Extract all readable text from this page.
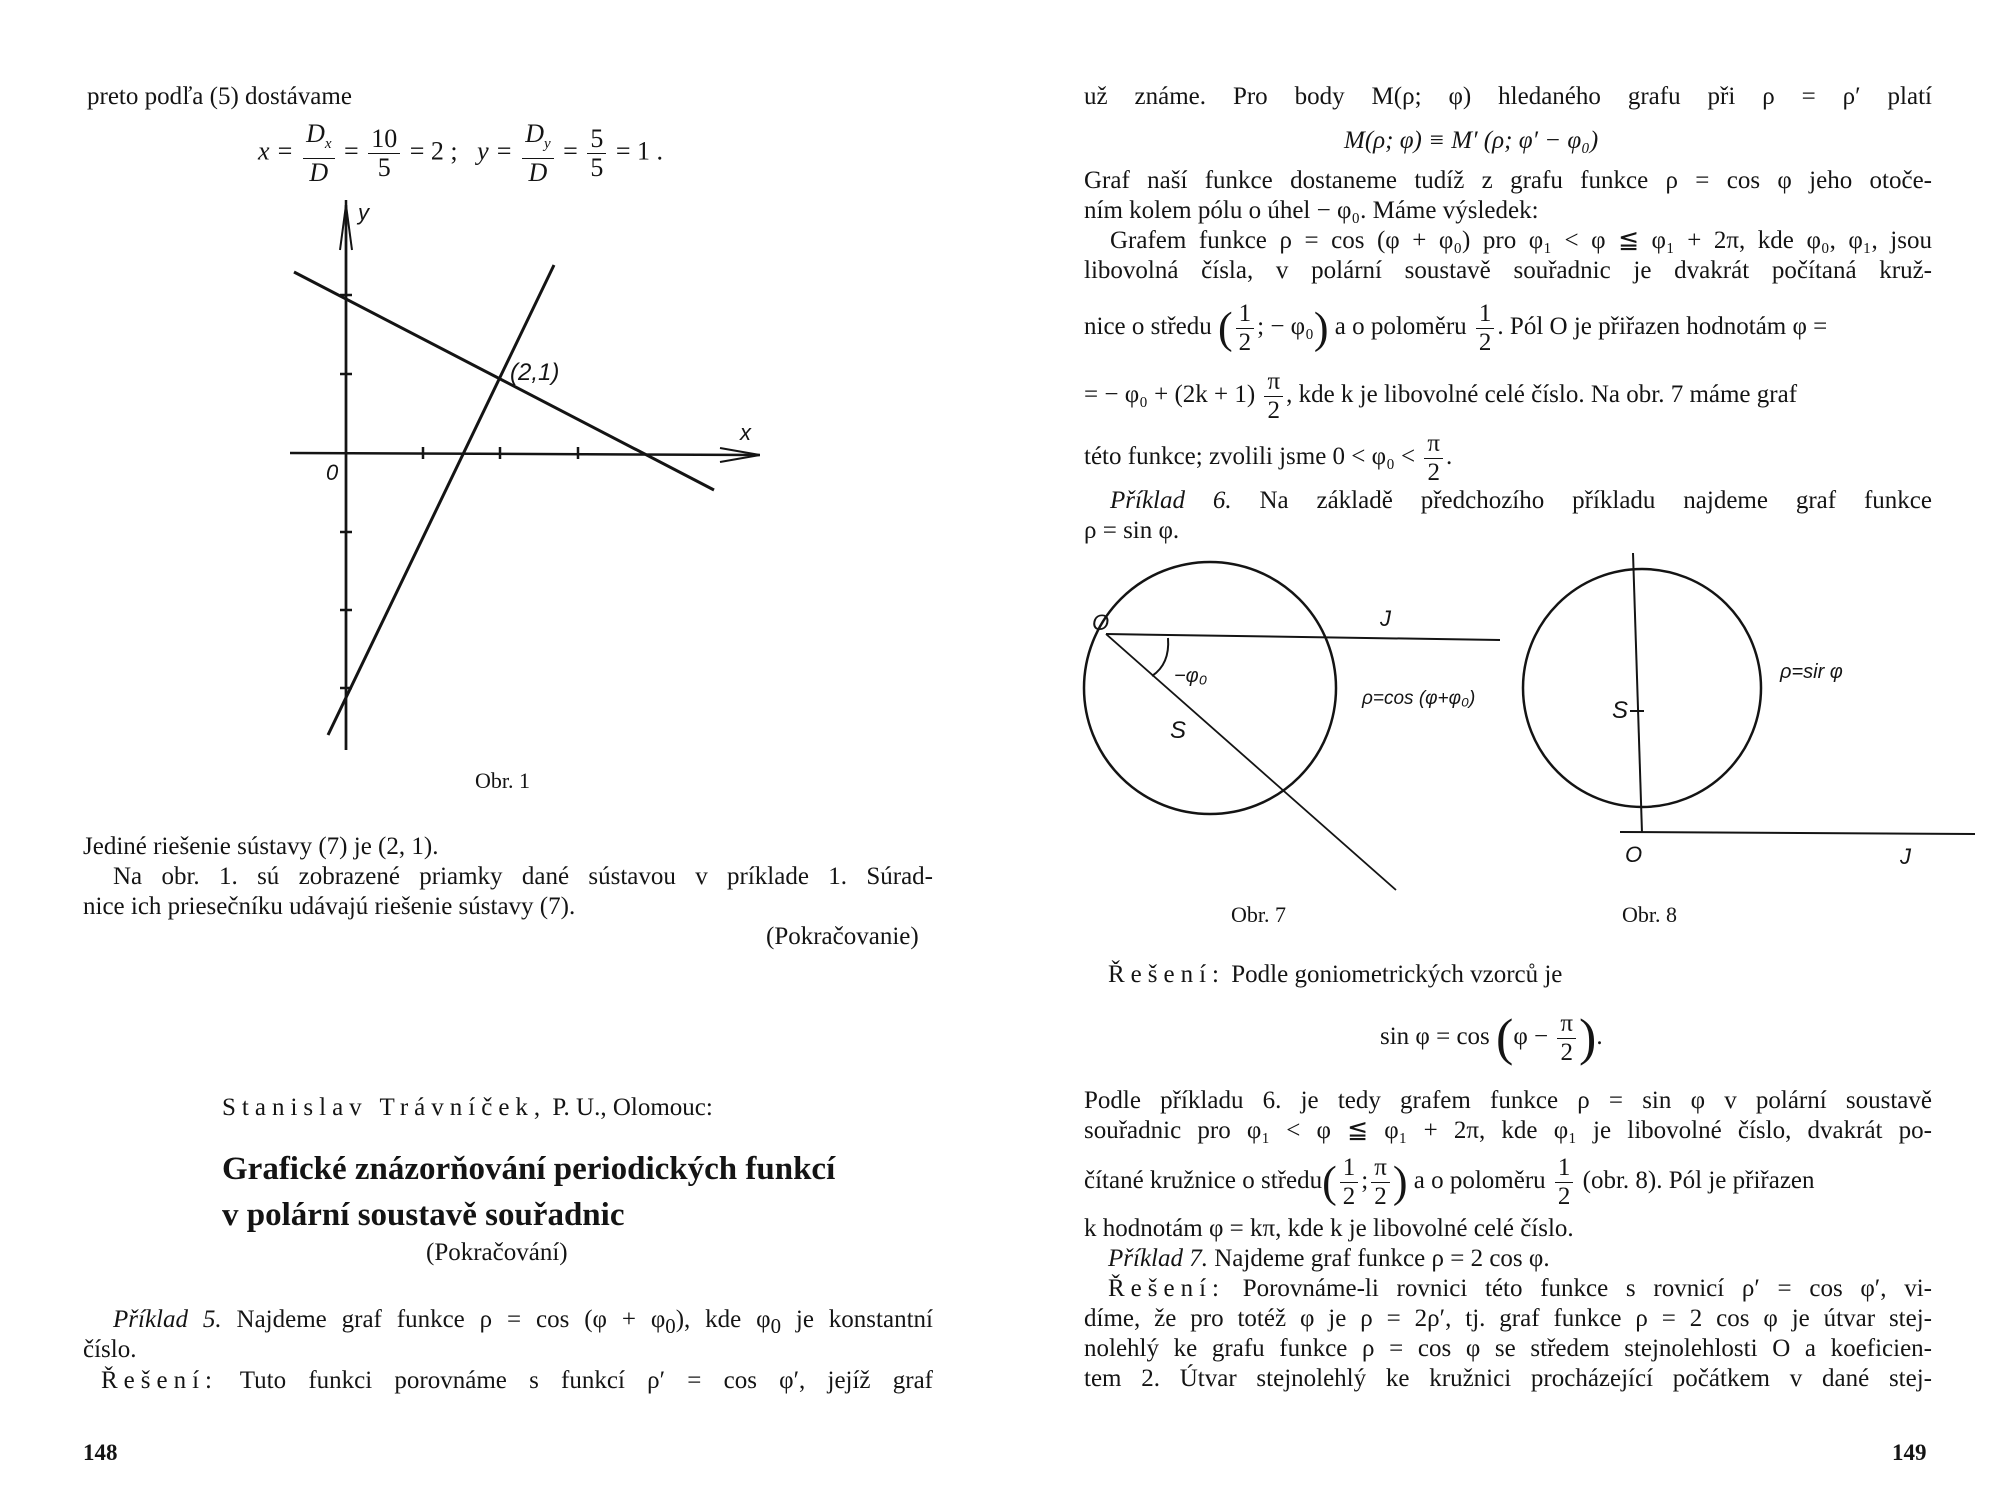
preto podľa (5) dostávame
$x = \frac{D_x}{D} = \frac{10}{5} = 2$ ; $y = \frac{D_y}{D} = \frac{5}{5} = 1$ .
y
x
0
(2,1)
Obr. 1
Jediné riešenie sústavy (7) je (2, 1).
Na obr. 1. sú zobrazené priamky dané sústavou v príklade 1. Súrad-
nice ich priesečníku udávajú riešenie sústavy (7).
(Pokračovanie)
Stanislav Trávníček, P. U., Olomouc:
Grafické znázorňování periodických funkcí
v polární soustavě souřadnic
(Pokračování)
Příklad 5. Najdeme graf funkce $\rho = \cos (\varphi + \varphi_0)$, kde $\varphi_0$ je konstantní
číslo.
Řešení: Tuto funkci porovnáme s funkcí ρ′ = cos φ′, jejíž graf
148
už známe. Pro body M(ρ; φ) hledaného grafu při ρ = ρ′ platí
M(ρ; φ) ≡ M′ (ρ; φ′ − φ₀)
Graf naší funkce dostaneme tudíž z grafu funkce ρ = cos φ jeho otoče-
ním kolem pólu o úhel − φ₀. Máme výsledek:
Grafem funkce ρ = cos (φ + φ₀) pro φ₁ < φ ≦ φ₁ + 2π, kde φ₀, φ₁, jsou
libovolná čísla, v polární soustavě souřadnic je dvakrát počítaná kruž-
nice o středu ( $\frac{1}{2}$ ; − φ₀) a o poloměru $\frac{1}{2}$ . Pól O je přiřazen hodnotám φ =
= − $\varphi_0 + (2k + 1) \frac{\pi}{2}$ , kde k je libovolné celé číslo. Na obr. 7 máme graf
této funkce; zvolili jsme $0 < \varphi_0 < \frac{\pi}{2}$ .
Příklad 6. Na základě předchozího příkladu najdeme graf funkce
ρ = sin φ.
O	J
S
−φ₀
ρ=cos (φ+φ₀)
Obr. 7
O	J
S
ρ=sir φ
Obr. 8
Řešení: Podle goniometrických vzorců je
$\sin \varphi = \cos (\varphi - \frac{\pi}{2}$ ).
Podle příkladu 6. je tedy grafem funkce ρ = sin φ v polární soustavě
souřadnic pro φ₁ < φ ≦ φ₁ + 2π, kde φ₁ je libovolné číslo, dvakrát po-
čítané kružnice o středu( $\frac{1}{2}$ ; $\frac{\pi}{2}$ ) a o poloměru $\frac{1}{2} (obr$. 8). Pól je přiřazen
k hodnotám φ = kπ, kde k je libovolné celé číslo.
Příklad 7. Najdeme graf funkce ρ = 2 cos φ.
Řešení: Porovnáme-li rovnici této funkce s rovnicí ρ′ = cos φ′, vi-
díme, že pro totéž φ je ρ = 2ρ′, tj. graf funkce ρ = 2 cos φ je útvar stej-
nolehlý ke grafu funkce ρ = cos φ se středem stejnolehlosti O a koeficien-
tem 2. Útvar stejnolehlý ke kružnici procházející počátkem v dané stej-
149
